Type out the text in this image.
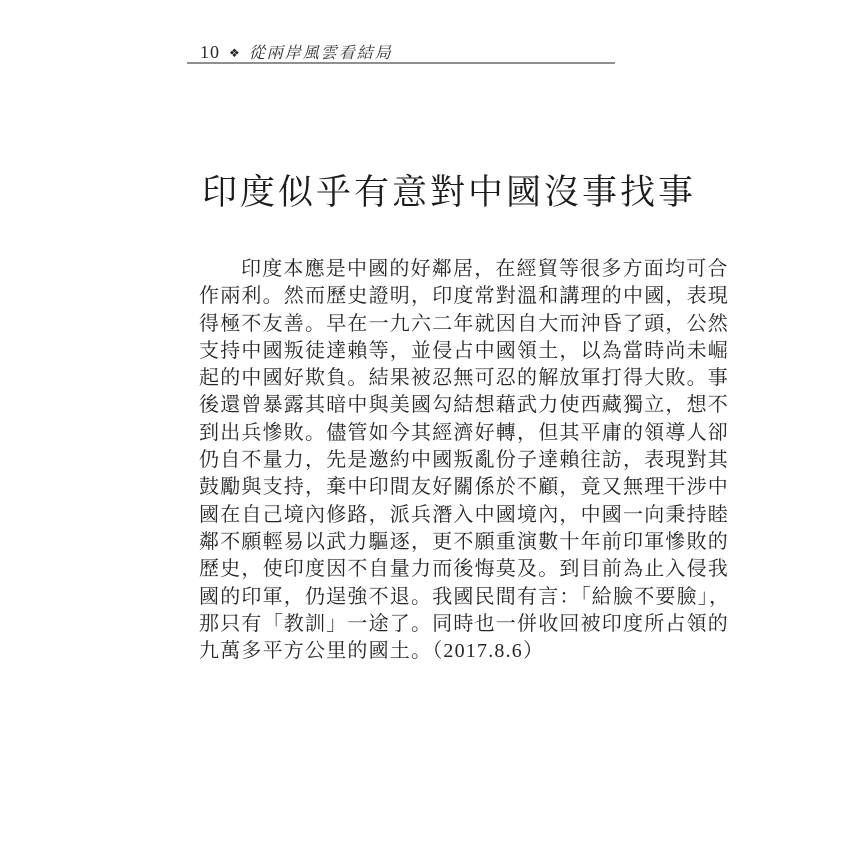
10 ❖ 從兩岸風雲看結局
印度似乎有意對中國沒事找事
印度本應是中國的好鄰居，在經貿等很多方面均可合
作兩利。然而歷史證明，印度常對溫和講理的中國，表現
得極不友善。早在一九六二年就因自大而沖昏了頭，公然
支持中國叛徒達賴等，並侵占中國領土，以為當時尚未崛
起的中國好欺負。結果被忍無可忍的解放軍打得大敗。事
後還曾暴露其暗中與美國勾結想藉武力使西藏獨立，想不
到出兵慘敗。儘管如今其經濟好轉，但其平庸的領導人卻
仍自不量力，先是邀約中國叛亂份子達賴往訪，表現對其
鼓勵與支持，棄中印間友好關係於不顧，竟又無理干涉中
國在自己境內修路，派兵潛入中國境內，中國一向秉持睦
鄰不願輕易以武力驅逐，更不願重演數十年前印軍慘敗的
歷史，使印度因不自量力而後悔莫及。到目前為止入侵我
國的印軍，仍逞強不退。我國民間有言：「給臉不要臉」，
那只有「教訓」一途了。同時也一併收回被印度所占領的
九萬多平方公里的國土。（2017.8.6）
